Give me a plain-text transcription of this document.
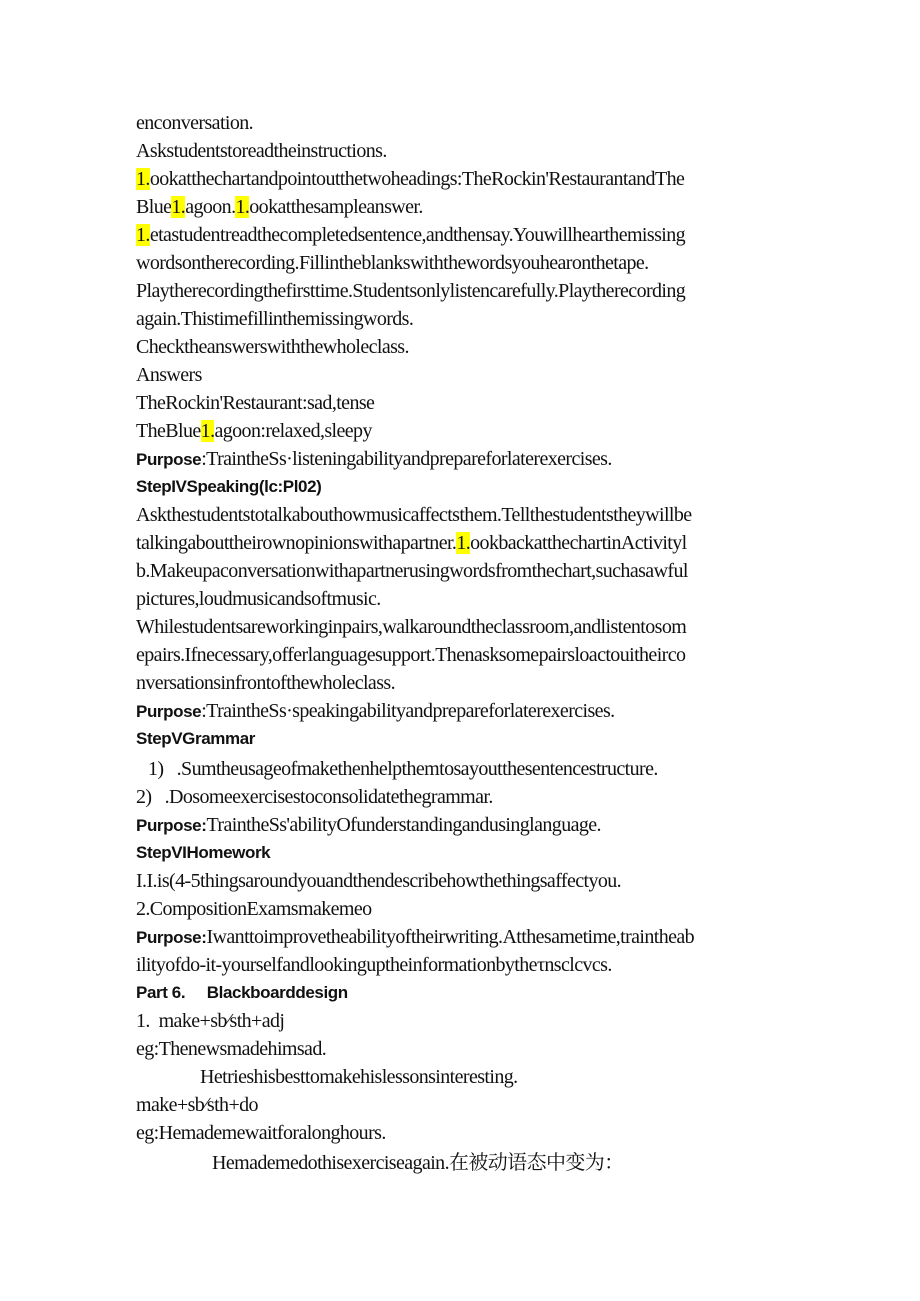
enconversation.
Askstudentstoreadtheinstructions.
1.ookatthechartandpointoutthetwoheadings:TheRockin'RestaurantandThe
Blue1.agoon.1.ookatthesampleanswer.
1.etastudentreadthecompletedsentence,andthensay.Youwillhearthemissing
wordsontherecording.Fillintheblankswiththewordsyouhearonthetape.
Playtherecordingthefirsttime.Studentsonlylistencarefully.Playtherecording
again.Thistimefillinthemissingwords.
Checktheanswerswiththewholeclass.
Answers
TheRockin'Restaurant:sad,tense
TheBlue1.agoon:relaxed,sleepy
Purpose:TraintheSs·listeningabilityandprepareforlaterexercises.
StepIVSpeaking(lc:Pl02)
Askthestudentstotalkabouthowmusicaffectsthem.Tellthestudentstheywillbe
talkingabouttheirownopinionswithapartner.1.ookbackatthechartinActivityl
b.Makeupaconversationwithapartnerusingwordsfromthechart,suchasawful
pictures,loudmusicandsoftmusic.
Whilestudentsareworkinginpairs,walkaroundtheclassroom,andlistentosom
epairs.Ifnecessary,offerlanguagesupport.Thenasksomepairsloactouitheirco
nversationsinfrontofthewholeclass.
Purpose:TraintheSs·speakingabilityandprepareforlaterexercises.
StepVGrammar
1)   .Sumtheusageofmakethenhelpthemtosayoutthesentencestructure.
2)   .Dosomeexercisestoconsolidatethegrammar.
Purpose:TraintheSs'abilityOfunderstandingandusinglanguage.
StepVIHomework
I.I.is(4-5thingsaroundyouandthendescribehowthethingsaffectyou.
2.CompositionExamsmakemeo
Purpose:Iwanttoimprovetheabilityoftheirwriting.Atthesametime,traintheab
ilityofdo-it-yourselfandlookinguptheinformationbytheτnsclcvcs.
Part 6.     Blackboarddesign
1.  make+sb∕sth+adj
eg:Thenewsmadehimsad.
Hetrieshisbesttomakehislessonsinteresting.
make+sb∕sth+do
eg:Hemademewaitforalonghours.
Hemademedothisexerciseagain.在被动语态中变为：
